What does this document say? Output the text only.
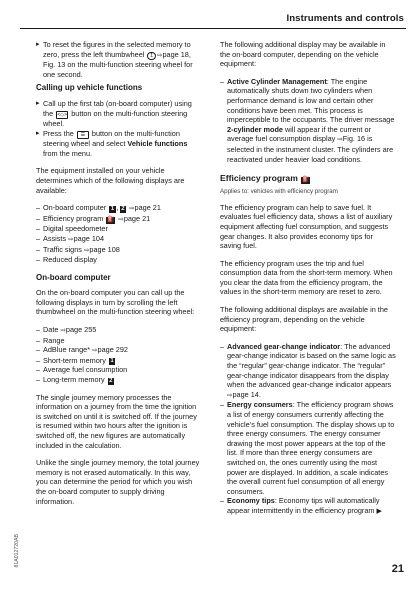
Instruments and controls

▸ To reset the figures in the selected memory to zero, press the left thumbwheel 1 ⇨page 18, Fig. 13 on the multi-function steering wheel for one second.

Calling up vehicle functions

▸ Call up the first tab (on-board computer) using the <◇> button on the multi-function steering wheel.

▸ Press the ☰ button on the multi-function steering wheel and select Vehicle functions from the menu.

The equipment installed on your vehicle determines which of the following displays are available:

– On-board computer 1 , 2 ⇨page 21
– Efficiency program ⛽ ⇨page 21
– Digital speedometer
– Assists ⇨page 104
– Traffic signs ⇨page 108
– Reduced display
On-board computer

On the on-board computer you can call up the following displays in turn by scrolling the left thumbwheel on the multi-function steering wheel:

– Date ⇨page 255
– Range
– AdBlue range* ⇨page 292
– Short-term memory 1
– Average fuel consumption
– Long-term memory 2

The single journey memory processes the information on a journey from the time the ignition is switched on until it is switched off. If the journey is resumed within two hours after the ignition is switched off, the new figures are automatically included in the calculation.

Unlike the single journey memory, the total journey memory is not erased automatically. In this way, you can determine the period for which you wish the on-board computer to supply driving information.

The following additional display may be available in the on-board computer, depending on the vehicle equipment:

– Active Cylinder Management: The engine automatically shuts down two cylinders when performance demand is low and certain other conditions have been met. This process is imperceptible to the occupants. The driver message 2-cylinder mode will appear if the current or average fuel consumption display ⇨Fig. 16 is selected in the instrument cluster. The cylinders are reactivated under heavier load conditions.
Efficiency program ⛽
Applies to: vehicles with efficiency program

The efficiency program can help to save fuel. It evaluates fuel efficiency data, shows a list of auxiliary equipment affecting fuel consumption, and suggests gear changes. It also provides economy tips for saving fuel.

The efficiency program uses the trip and fuel consumption data from the short-term memory. When you clear the data from the efficiency program, the values in the short-term memory are reset to zero.

The following additional displays are available in the efficiency program, depending on the vehicle equipment:

– Advanced gear-change indicator: The advanced gear-change indicator is based on the same logic as the “regular” gear-change indicator. The “regular” gear-change indicator disappears from the display when the advanced gear-change indicator appears ⇨page 14.
– Energy consumers: The efficiency program shows a list of energy consumers currently affecting the vehicle’s fuel consumption. The display shows up to three energy consumers. The energy consumer drawing the most power appears at the top of the list. If more than three energy consumers are switched on, the ones currently using the most power are displayed. In addition, a scale indicates the overall current fuel consumption of all energy consumers.
– Economy tips: Economy tips will automatically appear intermittently in the efficiency program ▶
81A012720AB
21
